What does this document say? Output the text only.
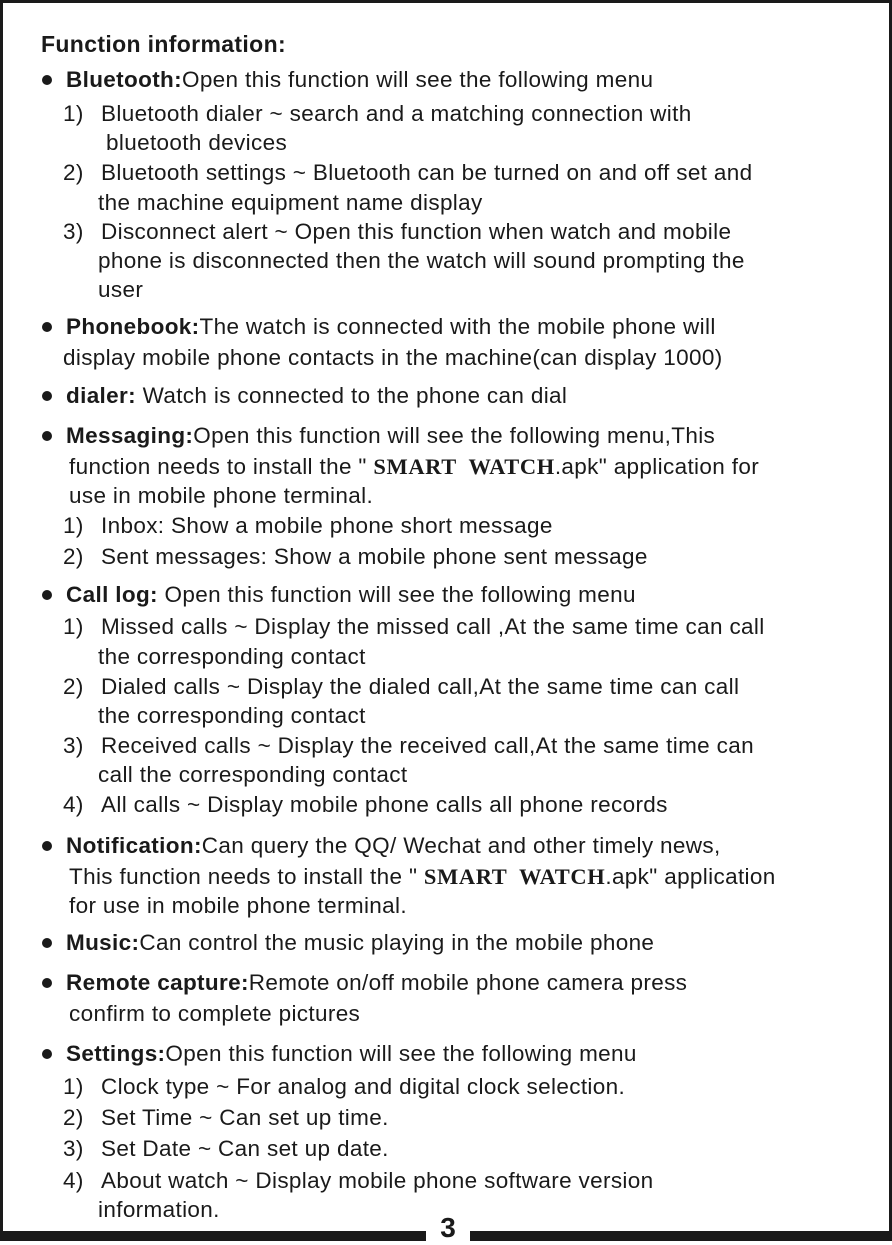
Function information:
Bluetooth:Open this function will see the following menu
1) Bluetooth dialer ~ search and a matching connection with
bluetooth devices
2) Bluetooth settings ~ Bluetooth can be turned on and off set and
the machine equipment name display
3) Disconnect alert ~ Open this function when watch and mobile
phone is disconnected then the watch will sound prompting the
user
Phonebook:The watch is connected with the mobile phone will
display mobile phone contacts in the machine(can display 1000)
dialer: Watch is connected to the phone can dial
Messaging:Open this function will see the following menu,This
function needs to install the " SMART  WATCH.apk" application for
use in mobile phone terminal.
1) Inbox: Show a mobile phone short message
2) Sent messages: Show a mobile phone sent message
Call log: Open this function will see the following menu
1) Missed calls ~ Display the missed call ,At the same time can call
the corresponding contact
2) Dialed calls ~ Display the dialed call,At the same time can call
the corresponding contact
3) Received calls ~ Display the received call,At the same time can
call the corresponding contact
4) All calls ~ Display mobile phone calls all phone records
Notification:Can query the QQ/ Wechat and other timely news,
This function needs to install the " SMART  WATCH.apk" application
for use in mobile phone terminal.
Music:Can control the music playing in the mobile phone
Remote capture:Remote on/off mobile phone camera press
confirm to complete pictures
Settings:Open this function will see the following menu
1) Clock type ~ For analog and digital clock selection.
2) Set Time ~ Can set up time.
3) Set Date ~ Can set up date.
4) About watch ~ Display mobile phone software version
information.
3
